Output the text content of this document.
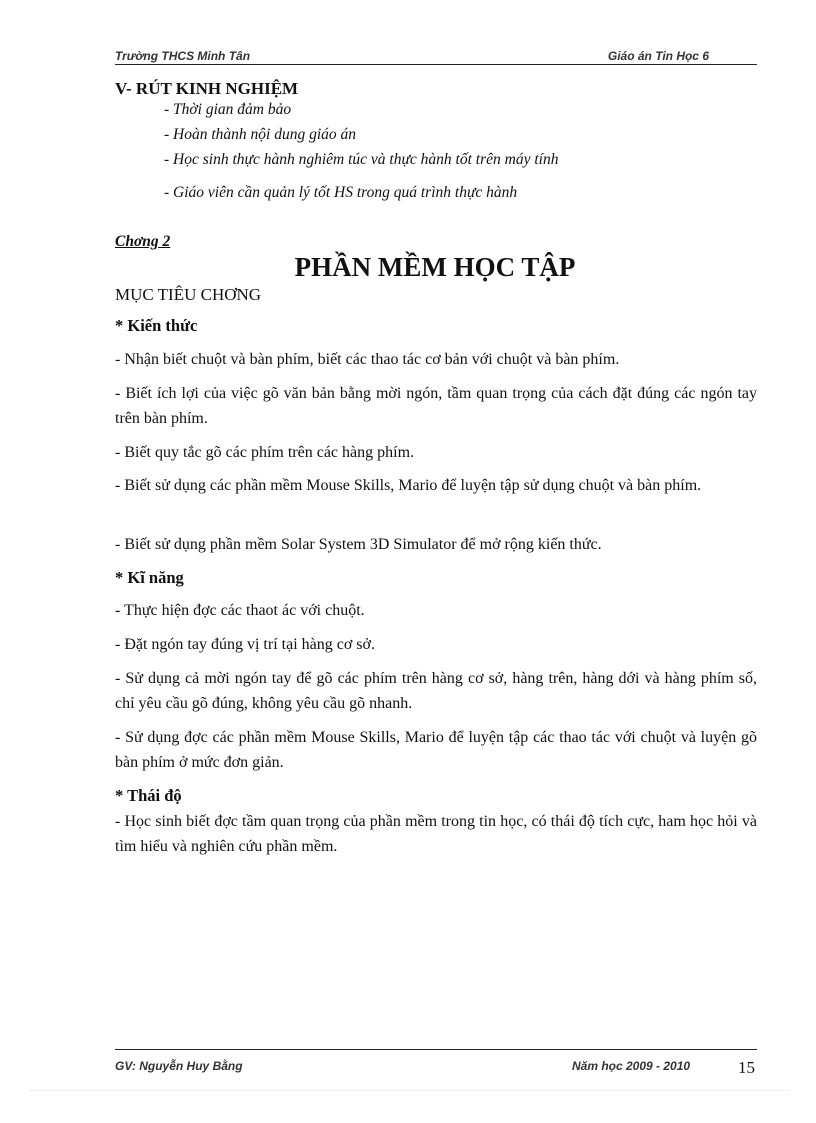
Trường THCS Minh Tân	Giáo án Tin Học 6
V- RÚT KINH NGHIỆM
- Thời gian đảm bảo
- Hoàn thành nội dung giáo án
- Học sinh thực hành nghiêm túc và thực hành tốt trên máy tính
- Giáo viên cần quản lý tốt HS trong quá trình thực hành
Chơng 2
PHẦN MỀM HỌC TẬP
MỤC TIÊU CHƠNG
* Kiến thức
- Nhận biết chuột và bàn phím, biết các thao tác cơ bản với chuột và bàn phím.
- Biết ích lợi của việc gõ văn bản bằng mời ngón, tầm quan trọng của cách đặt đúng các ngón tay trên bàn phím.
- Biết quy tắc gõ các phím trên các hàng phím.
- Biết sử dụng các phần mềm Mouse Skills, Mario để luyện tập sử dụng chuột và bàn phím.
- Biết sử dụng phần mềm Solar System 3D Simulator để mở rộng kiến thức.
* Kĩ năng
- Thực hiện đợc các thaot ác với chuột.
- Đặt ngón tay đúng vị trí tại hàng cơ sở.
- Sử dụng cả mời ngón tay để gõ các phím trên hàng cơ sở, hàng trên, hàng dới và hàng phím số, chỉ yêu cầu gõ đúng, không yêu cầu gõ nhanh.
- Sử dụng đợc các phần mềm Mouse Skills, Mario để luyện tập các thao tác với chuột và luyện gõ bàn phím ở mức đơn giản.
* Thái độ
- Học sinh biết đợc tầm quan trọng của phần mềm trong tin học, có thái độ tích cực, ham học hỏi và tìm hiểu và nghiên cứu phần mềm.
GV: Nguyễn Huy Bằng	Năm học 2009 - 2010	15
